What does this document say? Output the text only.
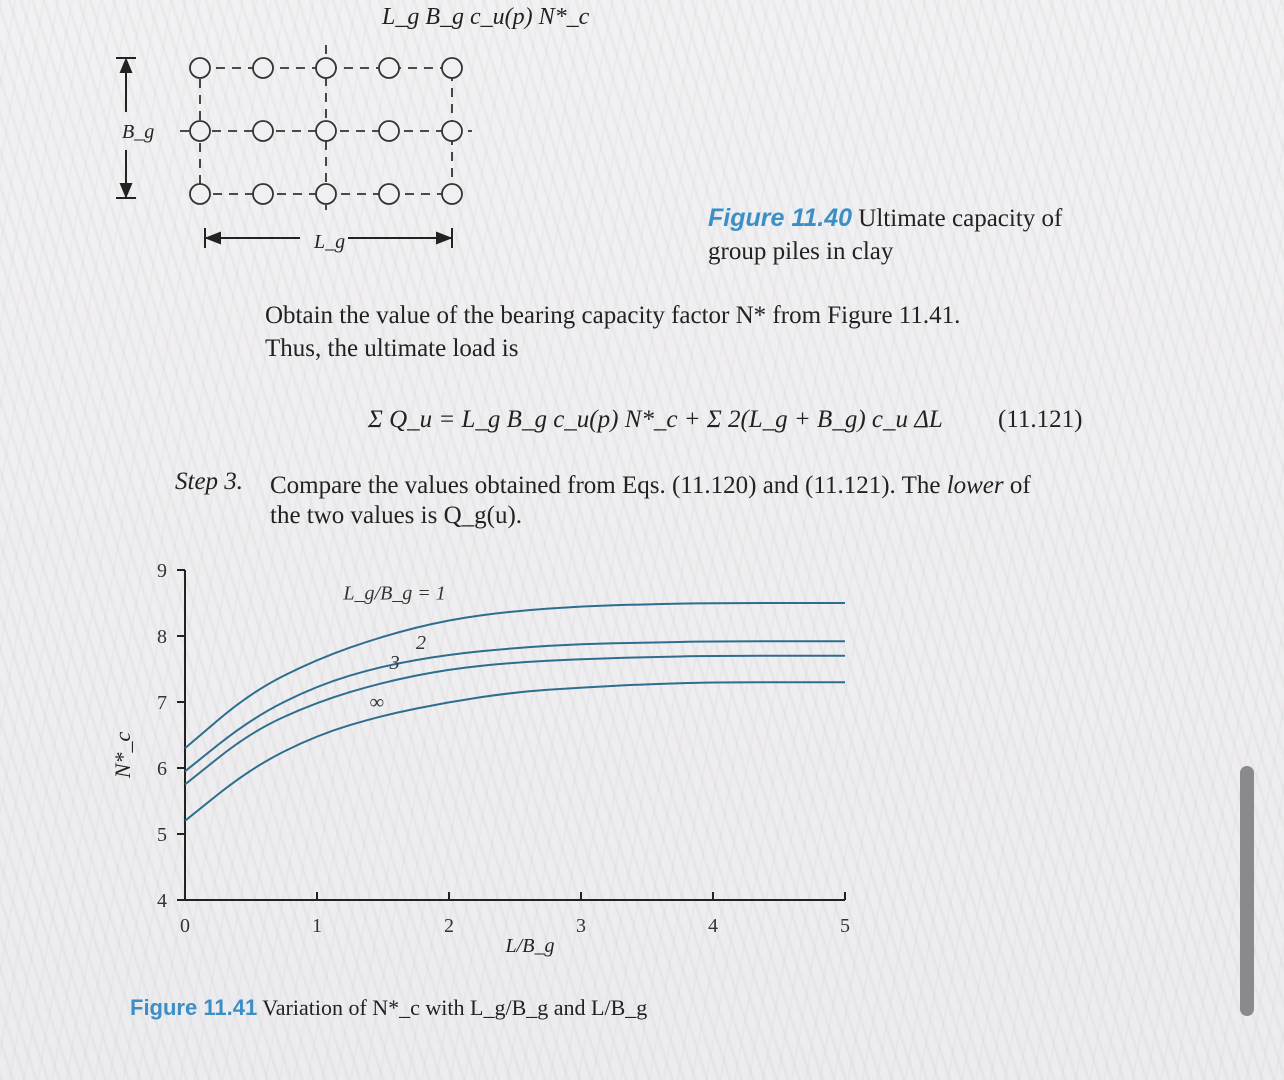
L_g B_g c_u(p) N*_c
B_g
L_g
Figure 11.40 Ultimate capacity of
group piles in clay
Obtain the value of the bearing capacity factor N* from Figure 11.41.
Thus, the ultimate load is
Σ Q_u = L_g B_g c_u(p) N*_c + Σ 2(L_g + B_g) c_u ΔL (11.121)
Step 3. Compare the values obtained from Eqs. (11.120) and (11.121). The lower of
the two values is Q_g(u).
4
5
6
7
8
9
0	1	2	3	4	5
L/B_g
N*_c
L_g/B_g = 1
2
3
∞
Figure 11.41 Variation of N*_c with L_g/B_g and L/B_g
